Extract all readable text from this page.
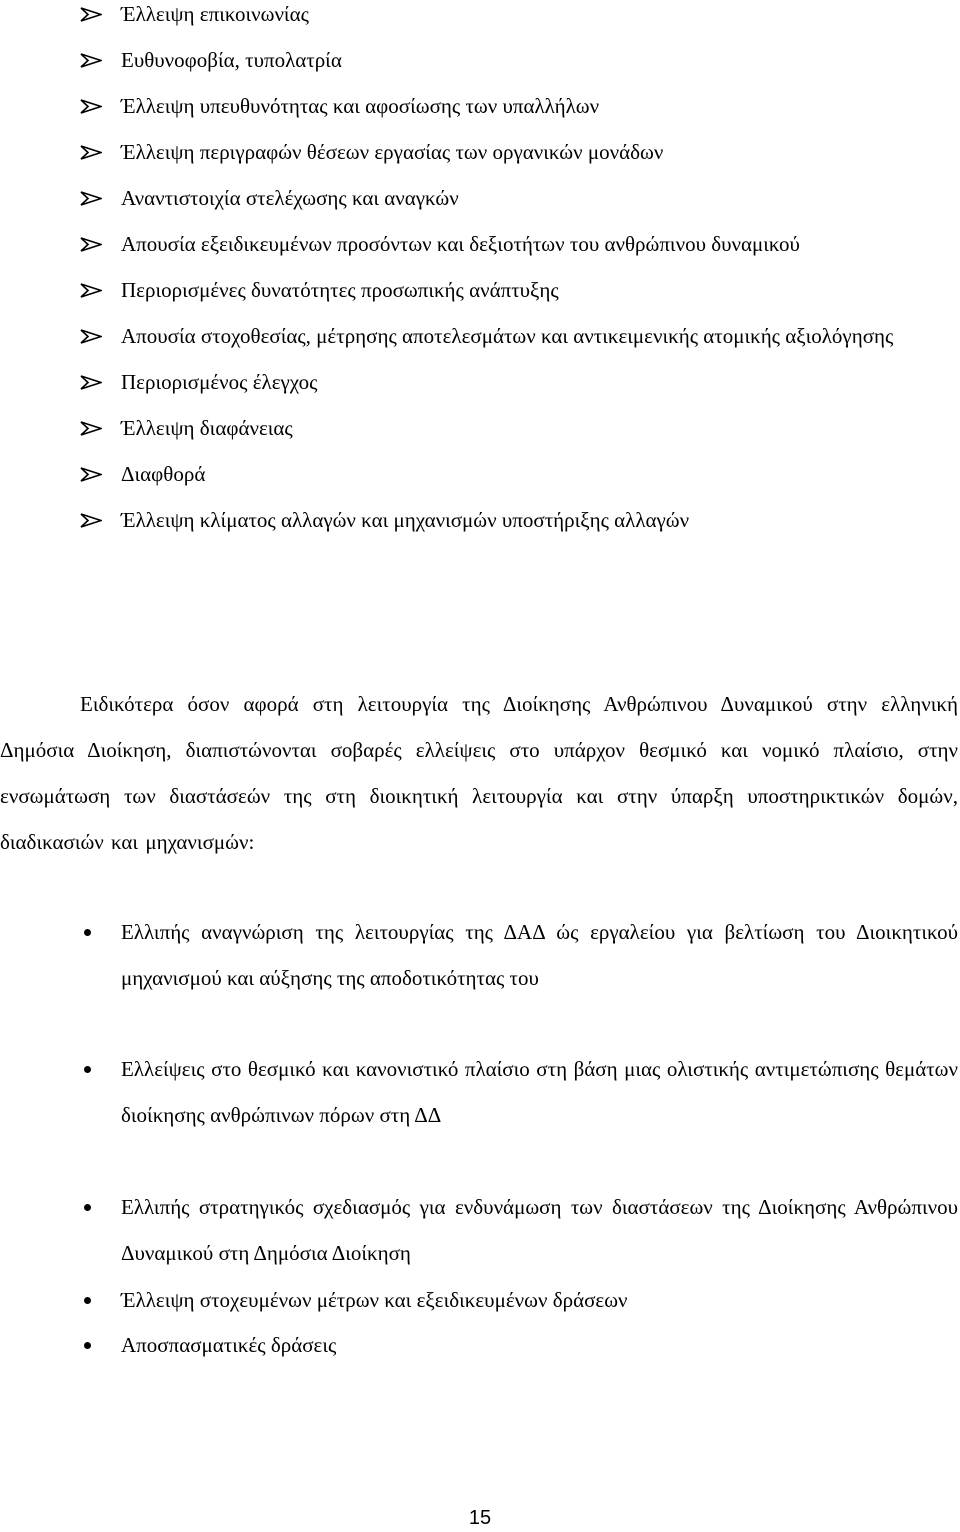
Έλλειψη επικοινωνίας
Ευθυνοφοβία, τυπολατρία
Έλλειψη υπευθυνότητας και αφοσίωσης των υπαλλήλων
Έλλειψη περιγραφών θέσεων εργασίας των οργανικών μονάδων
Αναντιστοιχία στελέχωσης και αναγκών
Απουσία εξειδικευμένων προσόντων και δεξιοτήτων του ανθρώπινου δυναμικού
Περιορισμένες δυνατότητες προσωπικής ανάπτυξης
Απουσία στοχοθεσίας, μέτρησης αποτελεσμάτων και αντικειμενικής ατομικής αξιολόγησης
Περιορισμένος έλεγχος
Έλλειψη διαφάνειας
Διαφθορά
Έλλειψη κλίματος αλλαγών και μηχανισμών υποστήριξης αλλαγών

Ειδικότερα όσον αφορά στη λειτουργία της Διοίκησης Ανθρώπινου Δυναμικού στην ελληνική Δημόσια Διοίκηση, διαπιστώνονται σοβαρές ελλείψεις στο υπάρχον θεσμικό και νομικό πλαίσιο, στην ενσωμάτωση των διαστάσεών της στη διοικητική λειτουργία και στην ύπαρξη υποστηρικτικών δομών, διαδικασιών και μηχανισμών:

Ελλιπής αναγνώριση της λειτουργίας της ΔΑΔ ώς εργαλείου για βελτίωση του Διοικητικού μηχανισμού και αύξησης της αποδοτικότητας του
Ελλείψεις στο θεσμικό και κανονιστικό πλαίσιο στη βάση μιας ολιστικής αντιμετώπισης θεμάτων διοίκησης ανθρώπινων πόρων στη ΔΔ
Ελλιπής στρατηγικός σχεδιασμός για ενδυνάμωση των διαστάσεων της Διοίκησης Ανθρώπινου Δυναμικού στη Δημόσια Διοίκηση
Έλλειψη στοχευμένων μέτρων και εξειδικευμένων δράσεων
Αποσπασματικές δράσεις
15
